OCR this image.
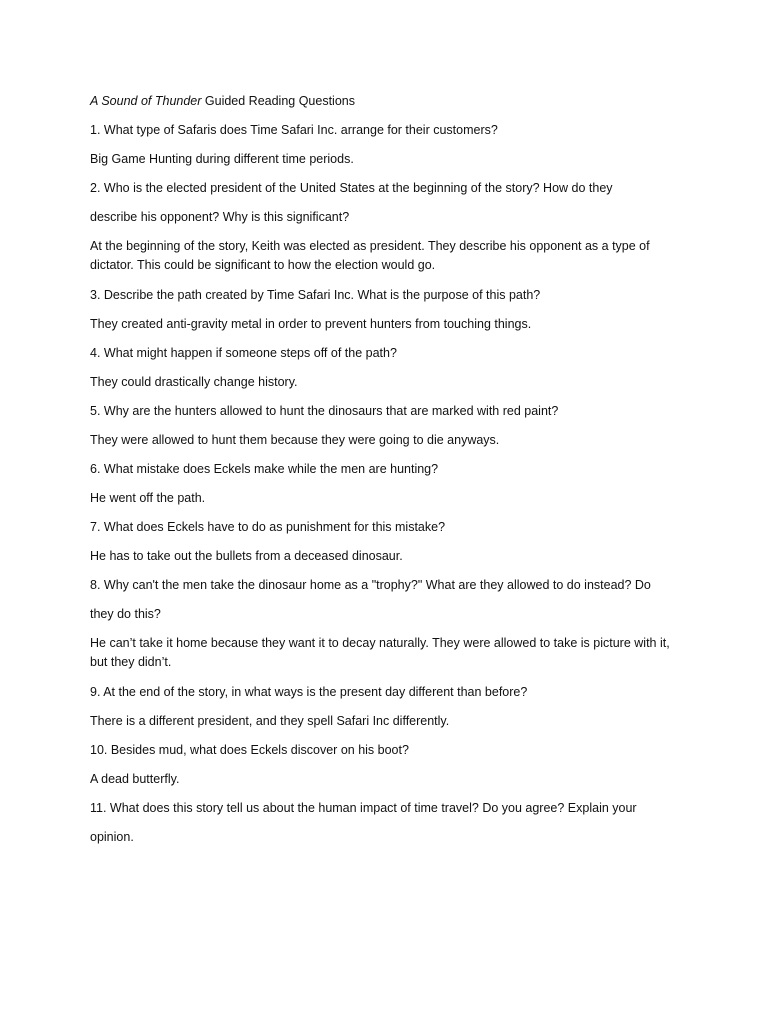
A Sound of Thunder Guided Reading Questions
1. What type of Safaris does Time Safari Inc. arrange for their customers?
Big Game Hunting during different time periods.
2. Who is the elected president of the United States at the beginning of the story? How do they
describe his opponent? Why is this significant?
At the beginning of the story, Keith was elected as president. They describe his opponent as a type of dictator. This could be significant to how the election would go.
3. Describe the path created by Time Safari Inc. What is the purpose of this path?
They created anti-gravity metal in order to prevent hunters from touching things.
4. What might happen if someone steps off of the path?
They could drastically change history.
5. Why are the hunters allowed to hunt the dinosaurs that are marked with red paint?
They were allowed to hunt them because they were going to die anyways.
6. What mistake does Eckels make while the men are hunting?
He went off the path.
7. What does Eckels have to do as punishment for this mistake?
He has to take out the bullets from a deceased dinosaur.
8. Why can't the men take the dinosaur home as a "trophy?" What are they allowed to do instead? Do
they do this?
He can’t take it home because they want it to decay naturally. They were allowed to take is picture with it, but they didn’t.
9. At the end of the story, in what ways is the present day different than before?
There is a different president, and they spell Safari Inc differently.
10. Besides mud, what does Eckels discover on his boot?
A dead butterfly.
11. What does this story tell us about the human impact of time travel? Do you agree? Explain your
opinion.
